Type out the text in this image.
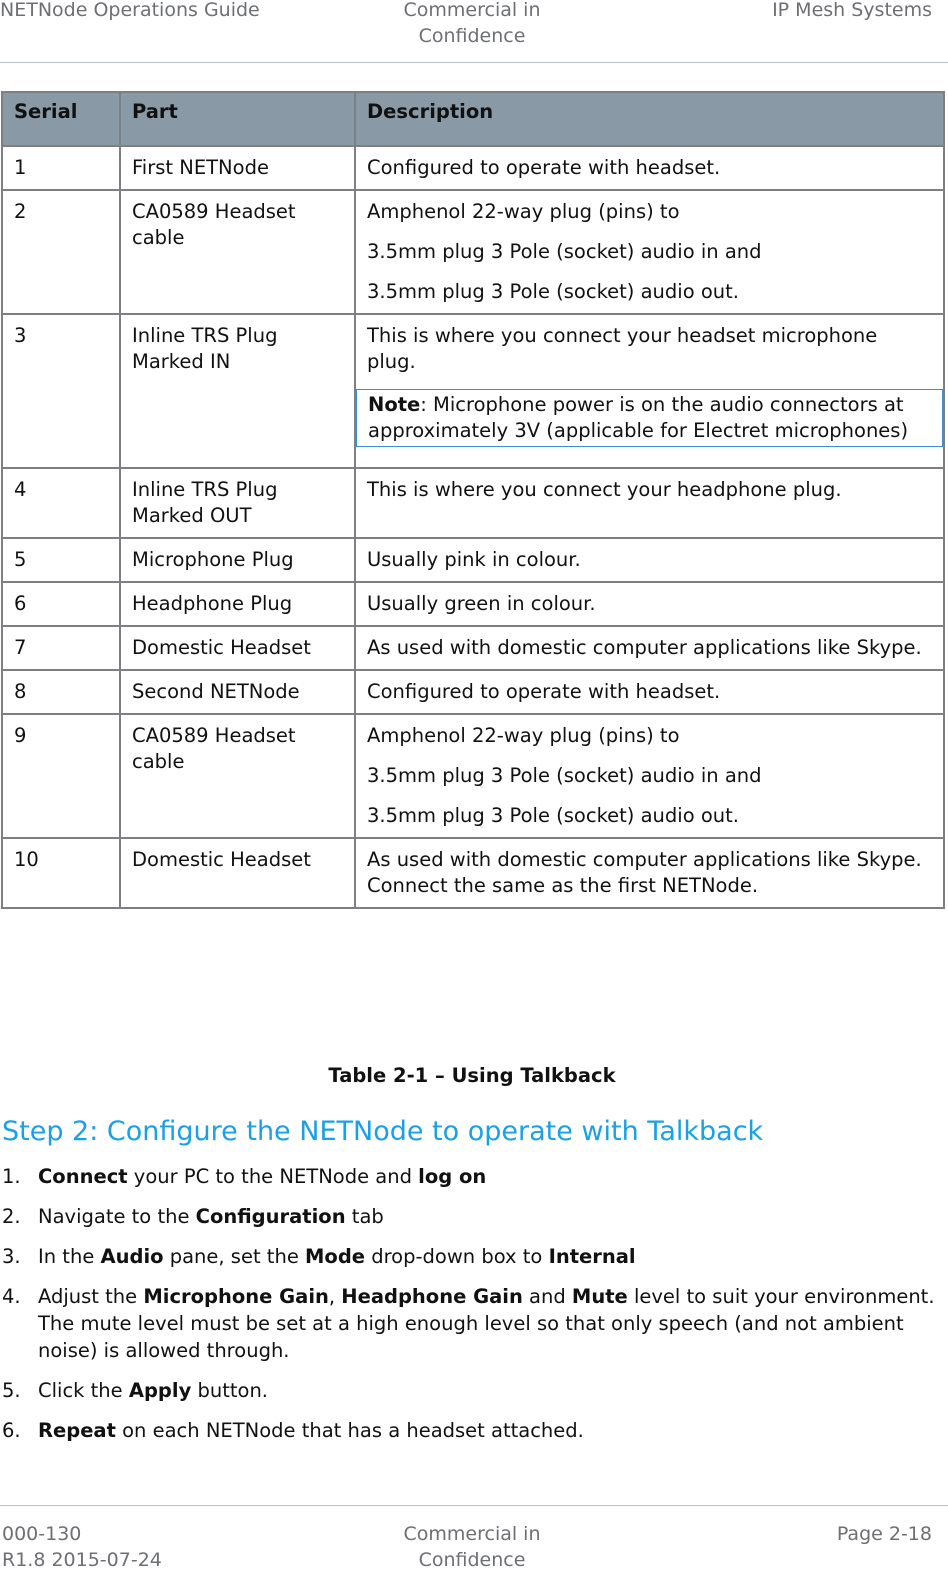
NETNode Operations Guide	Commercial in Confidence
IP Mesh Systems
Serial	Part	Description
1	First NETNode	Configured to operate with headset.

2	CA0589 Headset cable	Amphenol 22-way plug (pins) to
3.5mm plug 3 Pole (socket) audio in and
3.5mm plug 3 Pole (socket) audio out.

3	Inline TRS Plug Marked IN	This is where you connect your headset microphone plug.
Note: Microphone power is on the audio connectors at approximately 3V (applicable for Electret microphones)

4	Inline TRS Plug Marked OUT	This is where you connect your headphone plug.

5	Microphone Plug	Usually pink in colour.

6	Headphone Plug	Usually green in colour.

7	Domestic Headset	As used with domestic computer applications like Skype.

8	Second NETNode	Configured to operate with headset.

9	CA0589 Headset cable	Amphenol 22-way plug (pins) to
3.5mm plug 3 Pole (socket) audio in and
3.5mm plug 3 Pole (socket) audio out.

10	Domestic Headset	As used with domestic computer applications like Skype. Connect the same as the first NETNode.
Table 2-1 – Using Talkback
Step 2: Configure the NETNode to operate with Talkback
1. Connect your PC to the NETNode and log on
2. Navigate to the Configuration tab
3. In the Audio pane, set the Mode drop-down box to Internal
4. Adjust the Microphone Gain, Headphone Gain and Mute level to suit your environment. The mute level must be set at a high enough level so that only speech (and not ambient noise) is allowed through.
5. Click the Apply button.
6. Repeat on each NETNode that has a headset attached.
000-130
R1.8 2015-07-24
Commercial in Confidence
Page 2-18
